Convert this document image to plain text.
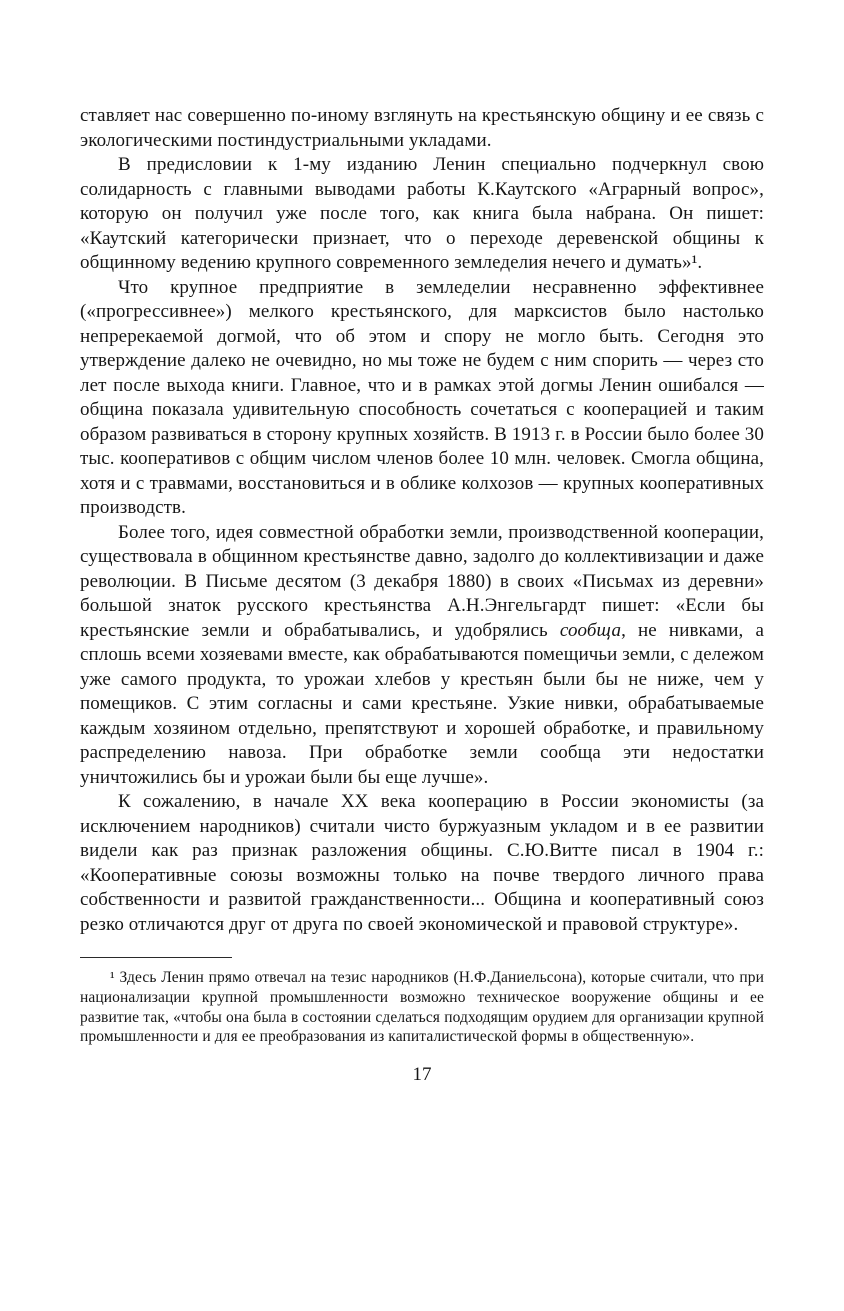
ставляет нас совершенно по-иному взглянуть на крестьянскую общину и ее связь с экологическими постиндустриальными укладами.

В предисловии к 1-му изданию Ленин специально подчеркнул свою солидарность с главными выводами работы К.Каутского «Аграрный вопрос», которую он получил уже после того, как книга была набрана. Он пишет: «Каутский категорически признает, что о переходе деревенской общины к общинному ведению крупного современного земледелия нечего и думать»¹.

Что крупное предприятие в земледелии несравненно эффективнее («прогрессивнее») мелкого крестьянского, для марксистов было настолько непререкаемой догмой, что об этом и спору не могло быть. Сегодня это утверждение далеко не очевидно, но мы тоже не будем с ним спорить — через сто лет после выхода книги. Главное, что и в рамках этой догмы Ленин ошибался — община показала удивительную способность сочетаться с кооперацией и таким образом развиваться в сторону крупных хозяйств. В 1913 г. в России было более 30 тыс. кооперативов с общим числом членов более 10 млн. человек. Смогла община, хотя и с травмами, восстановиться и в облике колхозов — крупных кооперативных производств.

Более того, идея совместной обработки земли, производственной кооперации, существовала в общинном крестьянстве давно, задолго до коллективизации и даже революции. В Письме десятом (3 декабря 1880) в своих «Письмах из деревни» большой знаток русского крестьянства А.Н.Энгельгардт пишет: «Если бы крестьянские земли и обрабатывались, и удобрялись сообща, не нивками, а сплошь всеми хозяевами вместе, как обрабатываются помещичьи земли, с дележом уже самого продукта, то урожаи хлебов у крестьян были бы не ниже, чем у помещиков. С этим согласны и сами крестьяне. Узкие нивки, обрабатываемые каждым хозяином отдельно, препятствуют и хорошей обработке, и правильному распределению навоза. При обработке земли сообща эти недостатки уничтожились бы и урожаи были бы еще лучше».

К сожалению, в начале XX века кооперацию в России экономисты (за исключением народников) считали чисто буржуазным укладом и в ее развитии видели как раз признак разложения общины. С.Ю.Витте писал в 1904 г.: «Кооперативные союзы возможны только на почве твердого личного права собственности и развитой гражданственности... Община и кооперативный союз резко отличаются друг от друга по своей экономической и правовой структуре».

¹ Здесь Ленин прямо отвечал на тезис народников (Н.Ф.Даниельсона), которые считали, что при национализации крупной промышленности возможно техническое вооружение общины и ее развитие так, «чтобы она была в состоянии сделаться подходящим орудием для организации крупной промышленности и для ее преобразования из капиталистической формы в общественную».
17
